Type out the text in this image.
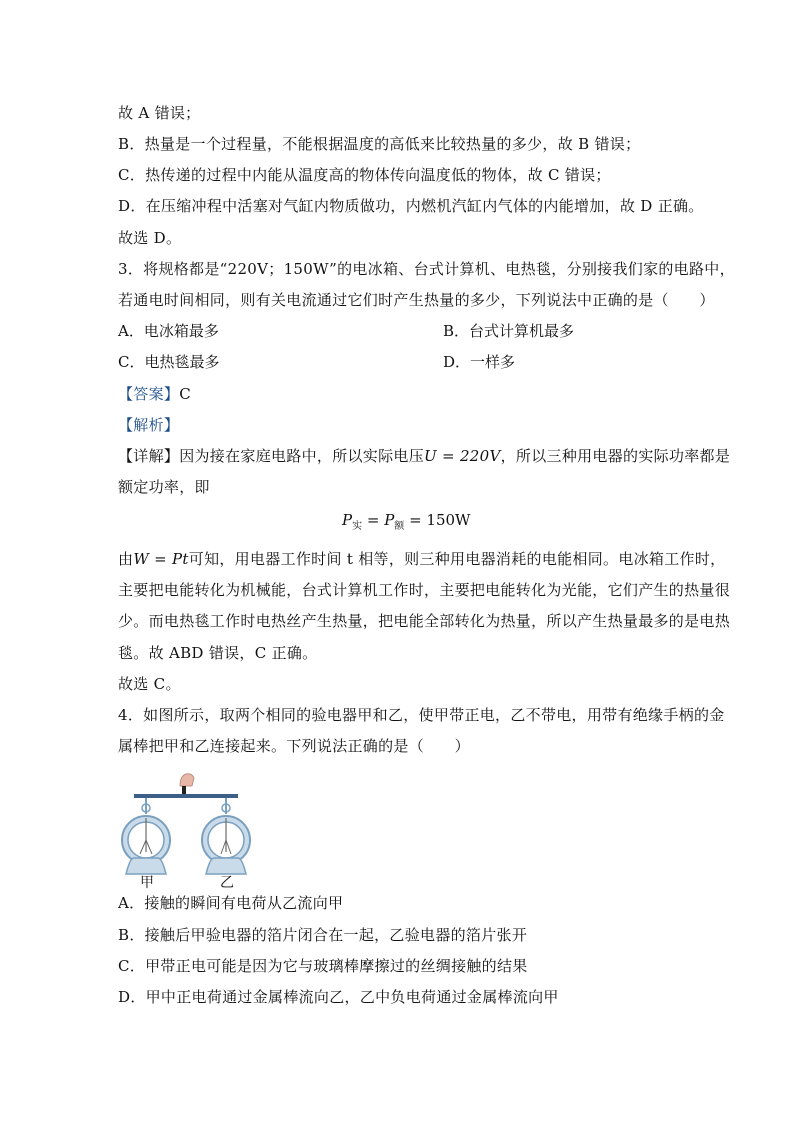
故 A 错误；
B．热量是一个过程量，不能根据温度的高低来比较热量的多少，故 B 错误；
C．热传递的过程中内能从温度高的物体传向温度低的物体，故 C 错误；
D．在压缩冲程中活塞对气缸内物质做功，内燃机汽缸内气体的内能增加，故 D 正确。
故选 D。
3．将规格都是“220V；150W”的电冰箱、台式计算机、电热毯，分别接我们家的电路中，
若通电时间相同，则有关电流通过它们时产生热量的多少，下列说法中正确的是（　　）
A．电冰箱最多	B．台式计算机最多
C．电热毯最多	D．一样多
【答案】C
【解析】
【详解】因为接在家庭电路中，所以实际电压U = 220V，所以三种用电器的实际功率都是
额定功率，即
$P_实 = P_额 = 150W$
由W = Pt可知，用电器工作时间 t 相等，则三种用电器消耗的电能相同。电冰箱工作时，
主要把电能转化为机械能，台式计算机工作时，主要把电能转化为光能，它们产生的热量很
少。而电热毯工作时电热丝产生热量，把电能全部转化为热量，所以产生热量最多的是电热
毯。故 ABD 错误，C 正确。
故选 C。
4．如图所示，取两个相同的验电器甲和乙，使甲带正电，乙不带电，用带有绝缘手柄的金
属棒把甲和乙连接起来。下列说法正确的是（　　）
甲	乙
A．接触的瞬间有电荷从乙流向甲
B．接触后甲验电器的箔片闭合在一起，乙验电器的箔片张开
C．甲带正电可能是因为它与玻璃棒摩擦过的丝绸接触的结果
D．甲中正电荷通过金属棒流向乙，乙中负电荷通过金属棒流向甲
